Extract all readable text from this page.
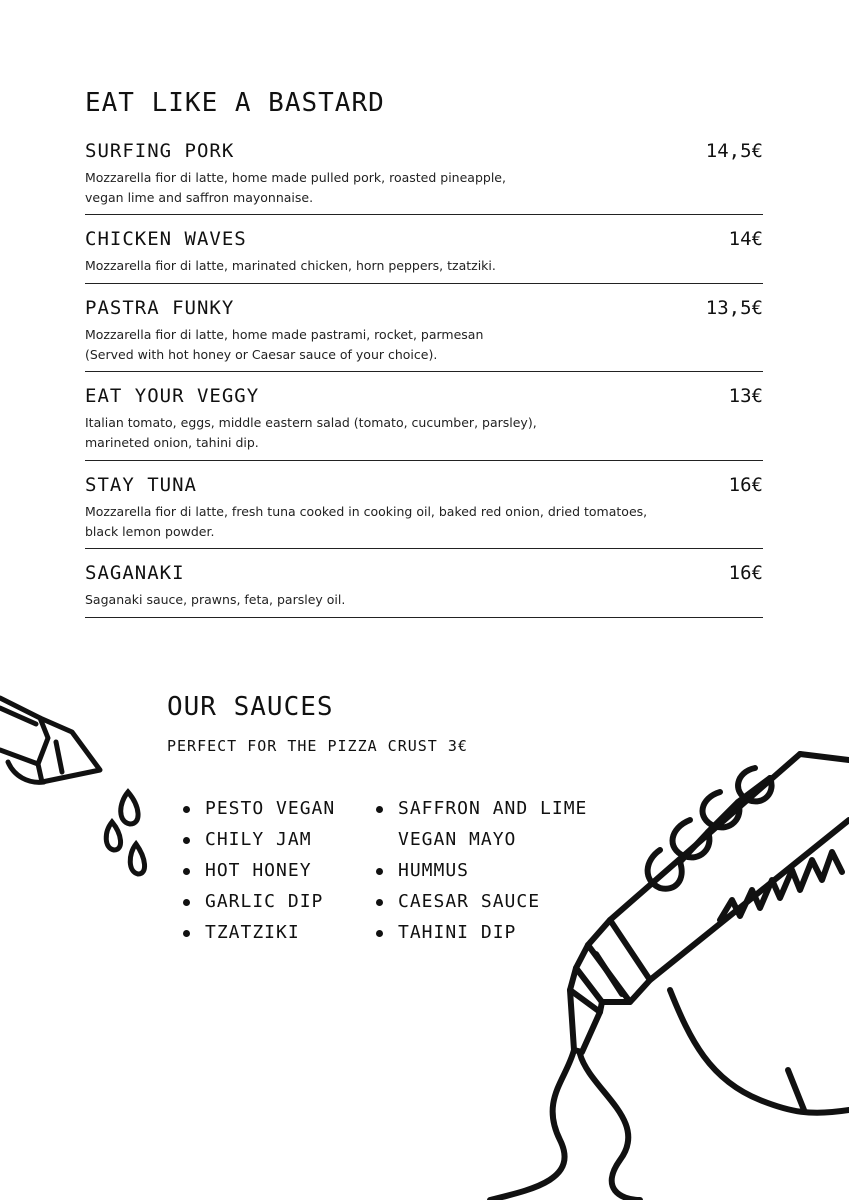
EAT LIKE A BASTARD
SURFING PORK	14,5€
Mozzarella fior di latte, home made pulled pork, roasted pineapple,
vegan lime and saffron mayonnaise.
CHICKEN WAVES	14€
Mozzarella fior di latte, marinated chicken, horn peppers, tzatziki.
PASTRA FUNKY	13,5€
Mozzarella fior di latte, home made pastrami, rocket, parmesan
(Served with hot honey or Caesar sauce of your choice).
EAT YOUR VEGGY	13€
Italian tomato, eggs, middle eastern salad (tomato, cucumber, parsley),
marineted onion, tahini dip.
STAY TUNA	16€
Mozzarella fior di latte, fresh tuna cooked in cooking oil, baked red onion, dried tomatoes,
black lemon powder.
SAGANAKI	16€
Saganaki sauce, prawns, feta, parsley oil.
OUR SAUCES
PERFECT FOR THE PIZZA CRUST 3€
PESTO VEGAN
CHILY JAM
HOT HONEY
GARLIC DIP
TZATZIKI
SAFFRON AND LIME
VEGAN MAYO
HUMMUS
CAESAR SAUCE
TAHINI DIP
